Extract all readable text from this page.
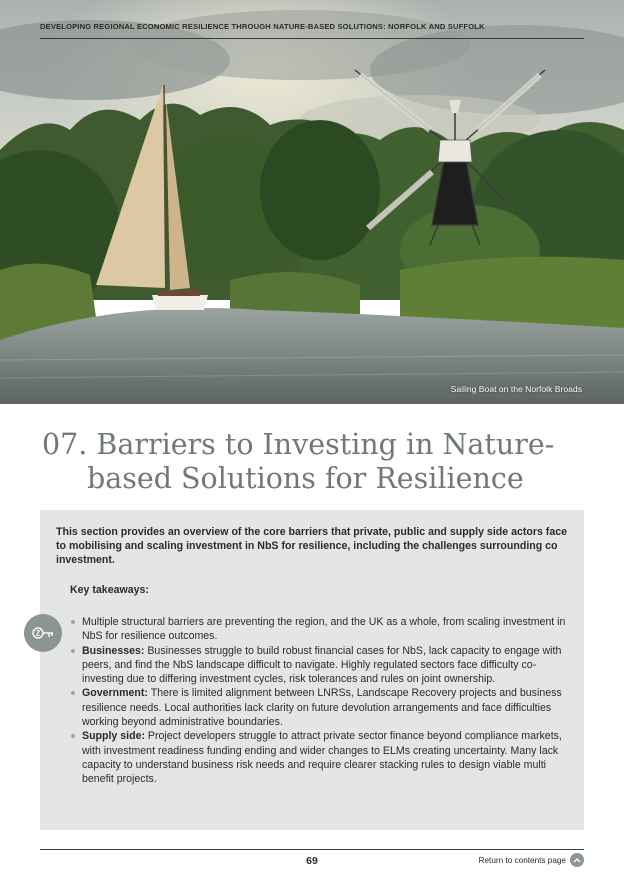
DEVELOPING REGIONAL ECONOMIC RESILIENCE THROUGH NATURE-BASED SOLUTIONS: NORFOLK AND SUFFOLK
Sailing Boat on the Norfolk Broads
07. Barriers to Investing in Nature-
based Solutions for Resilience

This section provides an overview of the core barriers that private, public and supply side actors face to mobilising and scaling investment in NbS for resilience, including the challenges surrounding co investment.

Key takeaways:
Multiple structural barriers are preventing the region, and the UK as a whole, from scaling investment in NbS for resilience outcomes.
Businesses: Businesses struggle to build robust financial cases for NbS, lack capacity to engage with peers, and find the NbS landscape difficult to navigate. Highly regulated sectors face difficulty co-investing due to differing investment cycles, risk tolerances and rules on joint ownership.
Government: There is limited alignment between LNRSs, Landscape Recovery projects and business resilience needs. Local authorities lack clarity on future devolution arrangements and face difficulties working beyond administrative boundaries.
Supply side: Project developers struggle to attract private sector finance beyond compliance markets, with investment readiness funding ending and wider changes to ELMs creating uncertainty. Many lack capacity to understand business risk needs and require clearer stacking rules to design viable multi benefit projects.
69	Return to contents page
